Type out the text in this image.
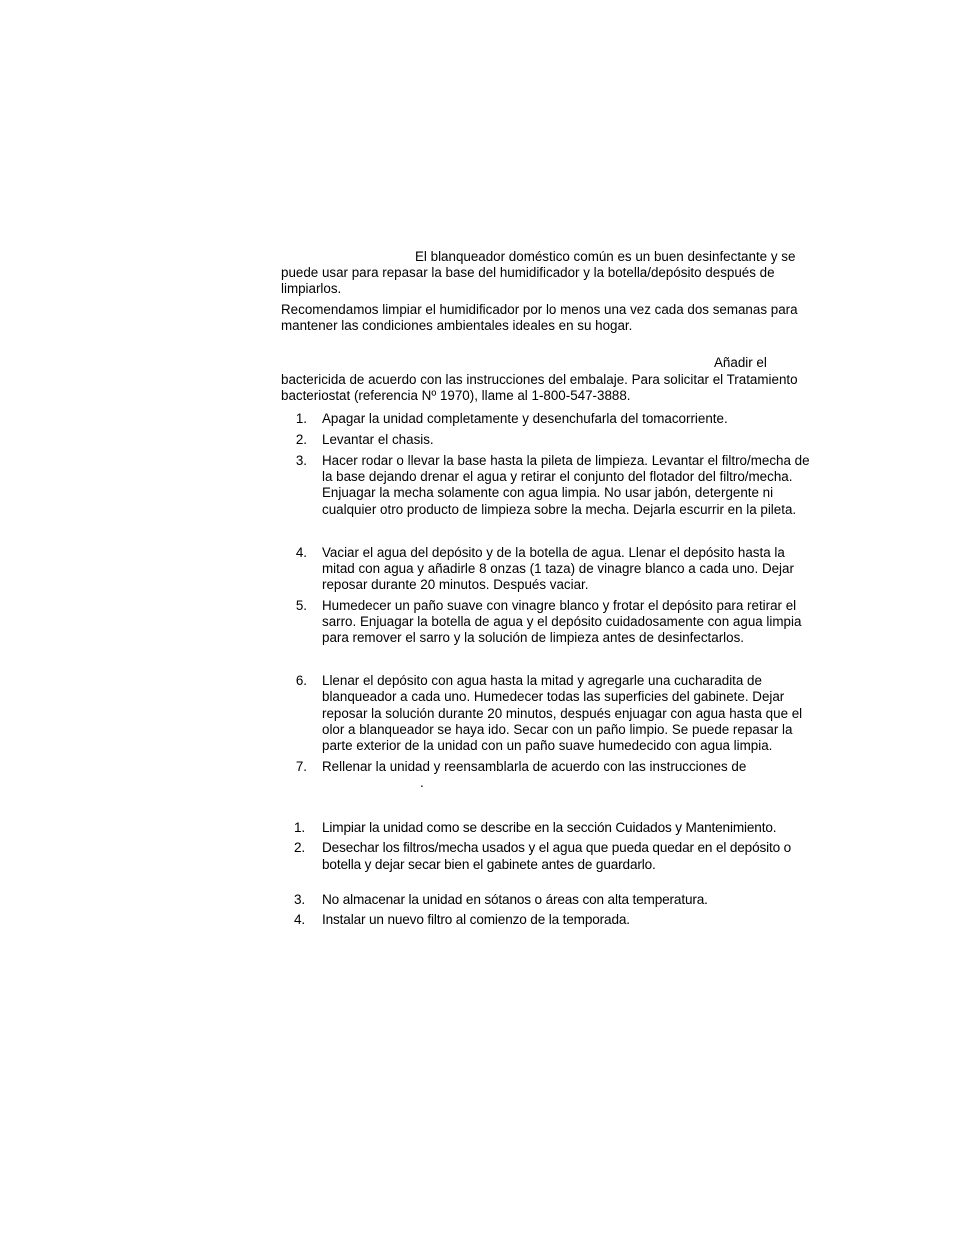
El blanqueador doméstico común es un buen desinfectante y se

puede usar para repasar la base del humidificador y la botella/depósito después de

limpiarlos.

Recomendamos limpiar el humidificador por lo menos una vez cada dos semanas para

mantener las condiciones ambientales ideales en su hogar.

Añadir el

bactericida de acuerdo con las instrucciones del embalaje. Para solicitar el Tratamiento

bacteriostat (referencia Nº 1970), llame al 1-800-547-3888.

1. Apagar la unidad completamente y desenchufarla del tomacorriente.

2. Levantar el chasis.

3. Hacer rodar o llevar la base hasta la pileta de limpieza. Levantar el filtro/mecha de

la base dejando drenar el agua y retirar el conjunto del flotador del filtro/mecha.

Enjuagar la mecha solamente con agua limpia. No usar jabón, detergente ni

cualquier otro producto de limpieza sobre la mecha. Dejarla escurrir en la pileta.

4. Vaciar el agua del depósito y de la botella de agua. Llenar el depósito hasta la

mitad con agua y añadirle 8 onzas (1 taza) de vinagre blanco a cada uno. Dejar

reposar durante 20 minutos. Después vaciar.

5. Humedecer un paño suave con vinagre blanco y frotar el depósito para retirar el

sarro. Enjuagar la botella de agua y el depósito cuidadosamente con agua limpia

para remover el sarro y la solución de limpieza antes de desinfectarlos.

6. Llenar el depósito con agua hasta la mitad y agregarle una cucharadita de

blanqueador a cada uno. Humedecer todas las superficies del gabinete. Dejar

reposar la solución durante 20 minutos, después enjuagar con agua hasta que el

olor a blanqueador se haya ido. Secar con un paño limpio. Se puede repasar la

parte exterior de la unidad con un paño suave humedecido con agua limpia.

7. Rellenar la unidad y reensamblarla de acuerdo con las instrucciones de

.

1. Limpiar la unidad como se describe en la sección Cuidados y Mantenimiento.

2. Desechar los filtros/mecha usados y el agua que pueda quedar en el depósito o

botella y dejar secar bien el gabinete antes de guardarlo.

3. No almacenar la unidad en sótanos o áreas con alta temperatura.

4. Instalar un nuevo filtro al comienzo de la temporada.
